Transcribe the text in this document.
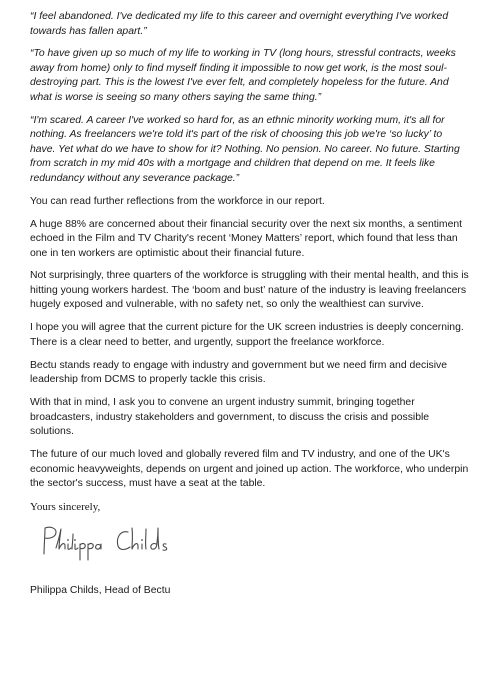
“I feel abandoned. I've dedicated my life to this career and overnight everything I've worked towards has fallen apart.”

“To have given up so much of my life to working in TV (long hours, stressful contracts, weeks away from home) only to find myself finding it impossible to now get work, is the most soul-destroying part. This is the lowest I've ever felt, and completely hopeless for the future. And what is worse is seeing so many others saying the same thing.”

“I'm scared. A career I've worked so hard for, as an ethnic minority working mum, it's all for nothing. As freelancers we're told it's part of the risk of choosing this job we're ‘so lucky’ to have. Yet what do we have to show for it? Nothing. No pension. No career. No future. Starting from scratch in my mid 40s with a mortgage and children that depend on me. It feels like redundancy without any severance package.”

You can read further reflections from the workforce in our report.

A huge 88% are concerned about their financial security over the next six months, a sentiment echoed in the Film and TV Charity's recent ‘Money Matters’ report, which found that less than one in ten workers are optimistic about their financial future.

Not surprisingly, three quarters of the workforce is struggling with their mental health, and this is hitting young workers hardest. The ‘boom and bust’ nature of the industry is leaving freelancers hugely exposed and vulnerable, with no safety net, so only the wealthiest can survive.

I hope you will agree that the current picture for the UK screen industries is deeply concerning. There is a clear need to better, and urgently, support the freelance workforce.

Bectu stands ready to engage with industry and government but we need firm and decisive leadership from DCMS to properly tackle this crisis.

With that in mind, I ask you to convene an urgent industry summit, bringing together broadcasters, industry stakeholders and government, to discuss the crisis and possible solutions.

The future of our much loved and globally revered film and TV industry, and one of the UK's economic heavyweights, depends on urgent and joined up action. The workforce, who underpin the sector's success, must have a seat at the table.

Yours sincerely,

Philippa Childs, Head of Bectu
